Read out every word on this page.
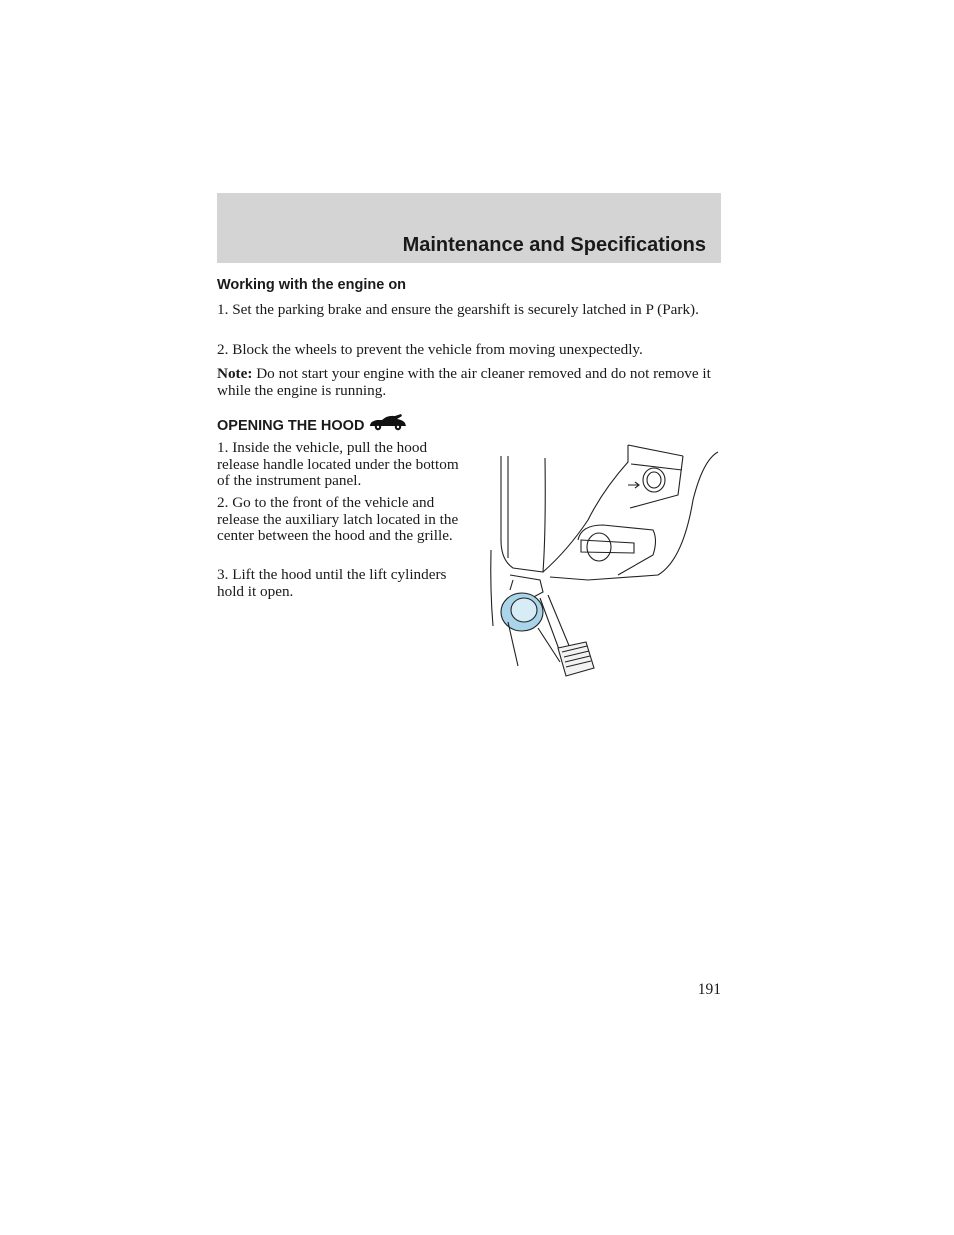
Maintenance and Specifications
Working with the engine on
1. Set the parking brake and ensure the gearshift is securely latched in P (Park).
2. Block the wheels to prevent the vehicle from moving unexpectedly.
Note: Do not start your engine with the air cleaner removed and do not remove it while the engine is running.
OPENING THE HOOD
1. Inside the vehicle, pull the hood release handle located under the bottom of the instrument panel.
2. Go to the front of the vehicle and release the auxiliary latch located in the center between the hood and the grille.
3. Lift the hood until the lift cylinders hold it open.
191
